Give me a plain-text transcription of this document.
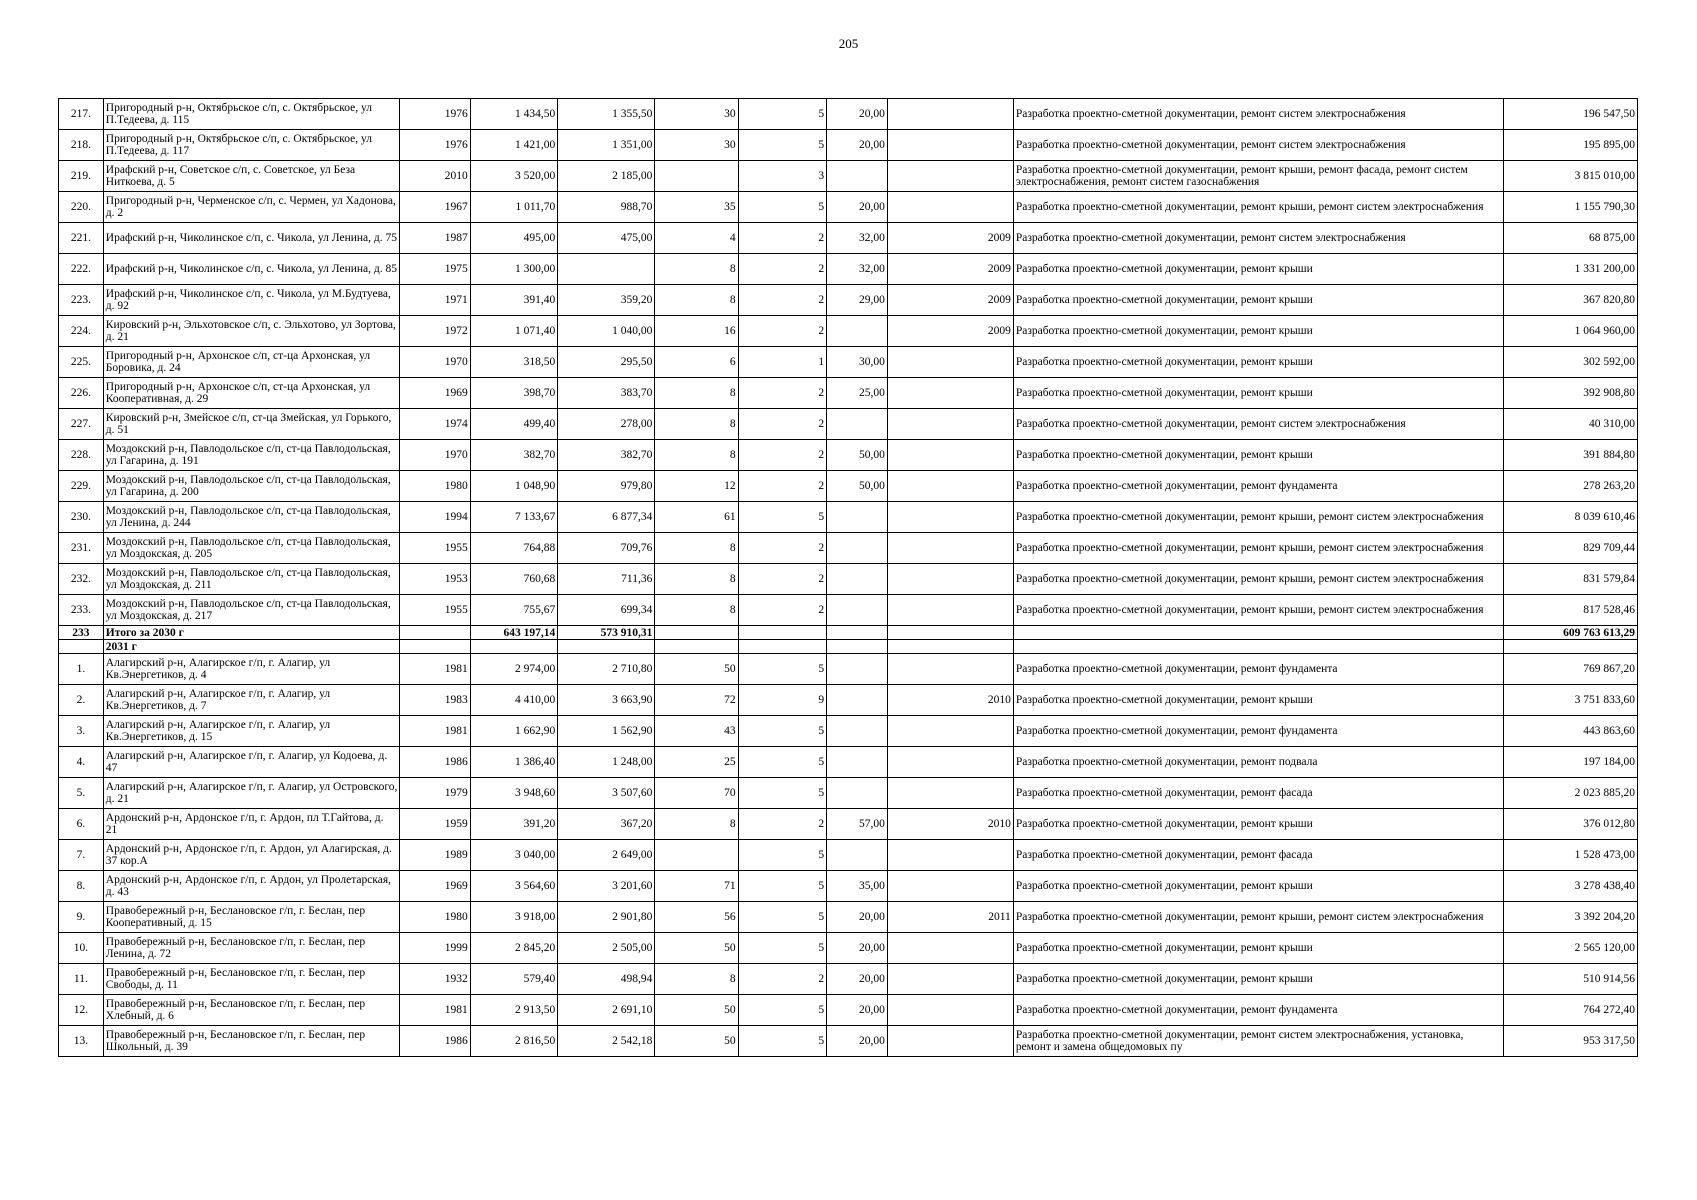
205
217.	Пригородный р-н, Октябрьское с/п, с. Октябрьское, ул П.Тедеева, д. 115	1976	1 434,50	1 355,50	30	5	20,00		Разработка проектно-сметной документации, ремонт систем электроснабжения	196 547,50
218.	Пригородный р-н, Октябрьское с/п, с. Октябрьское, ул П.Тедеева, д. 117	1976	1 421,00	1 351,00	30	5	20,00		Разработка проектно-сметной документации, ремонт систем электроснабжения	195 895,00
219.	Ирафский р-н, Советское с/п, с. Советское, ул Беза Ниткоева, д. 5	2010	3 520,00	2 185,00		3			Разработка проектно-сметной документации, ремонт крыши, ремонт фасада, ремонт систем электроснабжения, ремонт систем газоснабжения	3 815 010,00
220.	Пригородный р-н, Черменское с/п, с. Чермен, ул Хадонова, д. 2	1967	1 011,70	988,70	35	5	20,00		Разработка проектно-сметной документации, ремонт крыши, ремонт систем электроснабжения	1 155 790,30
221.	Ирафский р-н, Чиколинское с/п, с. Чикола, ул Ленина, д. 75	1987	495,00	475,00	4	2	32,00	2009	Разработка проектно-сметной документации, ремонт систем электроснабжения	68 875,00
222.	Ирафский р-н, Чиколинское с/п, с. Чикола, ул Ленина, д. 85	1975	1 300,00		8	2	32,00	2009	Разработка проектно-сметной документации, ремонт крыши	1 331 200,00
223.	Ирафский р-н, Чиколинское с/п, с. Чикола, ул М.Будтуева, д. 92	1971	391,40	359,20	8	2	29,00	2009	Разработка проектно-сметной документации, ремонт крыши	367 820,80
224.	Кировский р-н, Эльхотовское с/п, с. Эльхотово, ул Зортова, д. 21	1972	1 071,40	1 040,00	16	2		2009	Разработка проектно-сметной документации, ремонт крыши	1 064 960,00
225.	Пригородный р-н, Архонское с/п, ст-ца Архонская, ул Боровика, д. 24	1970	318,50	295,50	6	1	30,00		Разработка проектно-сметной документации, ремонт крыши	302 592,00
226.	Пригородный р-н, Архонское с/п, ст-ца Архонская, ул Кооперативная, д. 29	1969	398,70	383,70	8	2	25,00		Разработка проектно-сметной документации, ремонт крыши	392 908,80
227.	Кировский р-н, Змейское с/п, ст-ца Змейская, ул Горького, д. 51	1974	499,40	278,00	8	2			Разработка проектно-сметной документации, ремонт систем электроснабжения	40 310,00
228.	Моздокский р-н, Павлодольское с/п, ст-ца Павлодольская, ул Гагарина, д. 191	1970	382,70	382,70	8	2	50,00		Разработка проектно-сметной документации, ремонт крыши	391 884,80
229.	Моздокский р-н, Павлодольское с/п, ст-ца Павлодольская, ул Гагарина, д. 200	1980	1 048,90	979,80	12	2	50,00		Разработка проектно-сметной документации, ремонт фундамента	278 263,20
230.	Моздокский р-н, Павлодольское с/п, ст-ца Павлодольская, ул Ленина, д. 244	1994	7 133,67	6 877,34	61	5			Разработка проектно-сметной документации, ремонт крыши, ремонт систем электроснабжения	8 039 610,46
231.	Моздокский р-н, Павлодольское с/п, ст-ца Павлодольская, ул Моздокская, д. 205	1955	764,88	709,76	8	2			Разработка проектно-сметной документации, ремонт крыши, ремонт систем электроснабжения	829 709,44
232.	Моздокский р-н, Павлодольское с/п, ст-ца Павлодольская, ул Моздокская, д. 211	1953	760,68	711,36	8	2			Разработка проектно-сметной документации, ремонт крыши, ремонт систем электроснабжения	831 579,84
233.	Моздокский р-н, Павлодольское с/п, ст-ца Павлодольская, ул Моздокская, д. 217	1955	755,67	699,34	8	2			Разработка проектно-сметной документации, ремонт крыши, ремонт систем электроснабжения	817 528,46
233	Итого за 2030 г		643 197,14	573 910,31						609 763 613,29
	2031 г									
1.	Алагирский р-н, Алагирское г/п, г. Алагир, ул Кв.Энергетиков, д. 4	1981	2 974,00	2 710,80	50	5			Разработка проектно-сметной документации, ремонт фундамента	769 867,20
2.	Алагирский р-н, Алагирское г/п, г. Алагир, ул Кв.Энергетиков, д. 7	1983	4 410,00	3 663,90	72	9		2010	Разработка проектно-сметной документации, ремонт крыши	3 751 833,60
3.	Алагирский р-н, Алагирское г/п, г. Алагир, ул Кв.Энергетиков, д. 15	1981	1 662,90	1 562,90	43	5			Разработка проектно-сметной документации, ремонт фундамента	443 863,60
4.	Алагирский р-н, Алагирское г/п, г. Алагир, ул Кодоева, д. 47	1986	1 386,40	1 248,00	25	5			Разработка проектно-сметной документации, ремонт подвала	197 184,00
5.	Алагирский р-н, Алагирское г/п, г. Алагир, ул Островского, д. 21	1979	3 948,60	3 507,60	70	5			Разработка проектно-сметной документации, ремонт фасада	2 023 885,20
6.	Ардонский р-н, Ардонское г/п, г. Ардон, пл Т.Гайтова, д. 21	1959	391,20	367,20	8	2	57,00	2010	Разработка проектно-сметной документации, ремонт крыши	376 012,80
7.	Ардонский р-н, Ардонское г/п, г. Ардон, ул Алагирская, д. 37 кор.А	1989	3 040,00	2 649,00		5			Разработка проектно-сметной документации, ремонт фасада	1 528 473,00
8.	Ардонский р-н, Ардонское г/п, г. Ардон, ул Пролетарская, д. 43	1969	3 564,60	3 201,60	71	5	35,00		Разработка проектно-сметной документации, ремонт крыши	3 278 438,40
9.	Правобережный р-н, Беслановское г/п, г. Беслан, пер Кооперативный, д. 15	1980	3 918,00	2 901,80	56	5	20,00	2011	Разработка проектно-сметной документации, ремонт крыши, ремонт систем электроснабжения	3 392 204,20
10.	Правобережный р-н, Беслановское г/п, г. Беслан, пер Ленина, д. 72	1999	2 845,20	2 505,00	50	5	20,00		Разработка проектно-сметной документации, ремонт крыши	2 565 120,00
11.	Правобережный р-н, Беслановское г/п, г. Беслан, пер Свободы, д. 11	1932	579,40	498,94	8	2	20,00		Разработка проектно-сметной документации, ремонт крыши	510 914,56
12.	Правобережный р-н, Беслановское г/п, г. Беслан, пер Хлебный, д. 6	1981	2 913,50	2 691,10	50	5	20,00		Разработка проектно-сметной документации, ремонт фундамента	764 272,40
13.	Правобережный р-н, Беслановское г/п, г. Беслан, пер Школьный, д. 39	1986	2 816,50	2 542,18	50	5	20,00		Разработка проектно-сметной документации, ремонт систем электроснабжения, установка, ремонт и замена общедомовых пу	953 317,50
